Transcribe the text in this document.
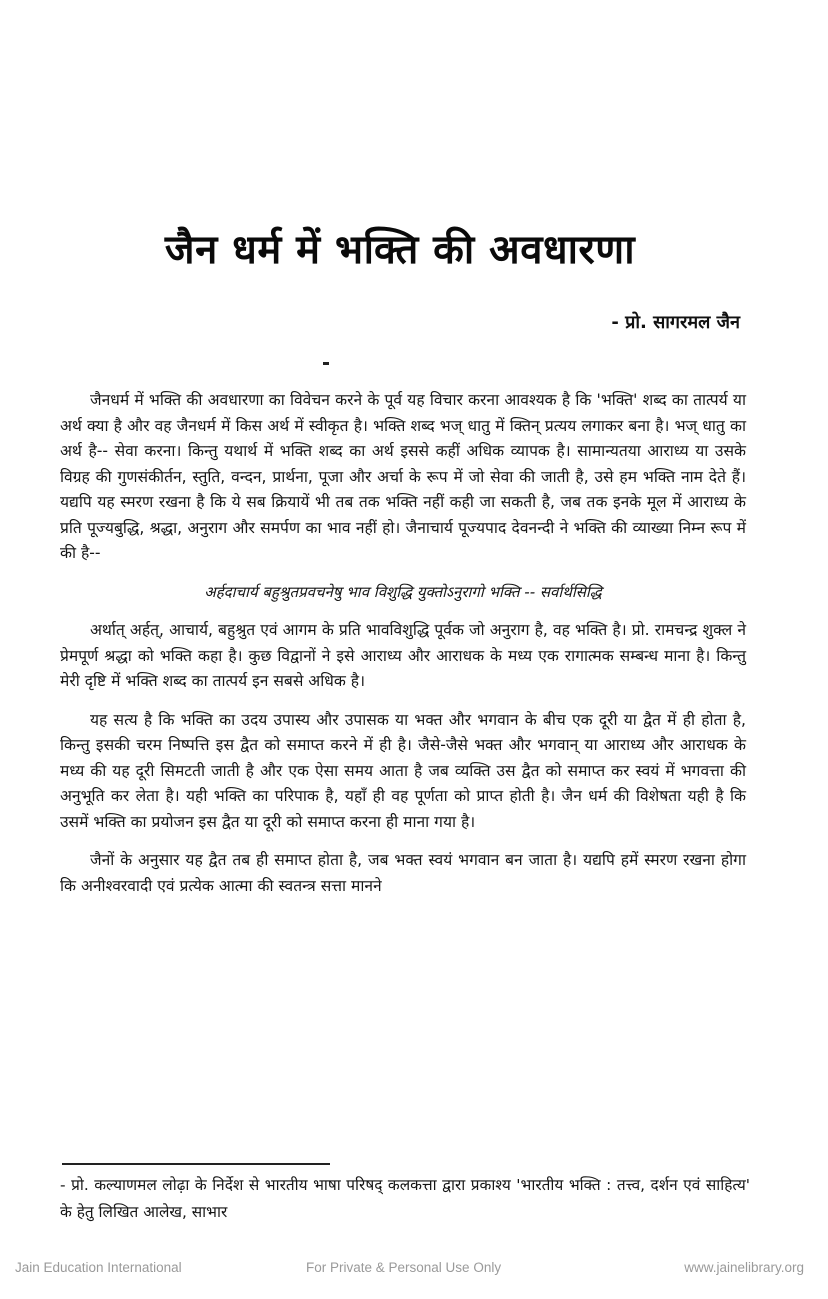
जैन धर्म में भक्ति की अवधारणा
- प्रो. सागरमल जैन

जैनधर्म में भक्ति की अवधारणा का विवेचन करने के पूर्व यह विचार करना आवश्यक है कि 'भक्ति' शब्द का तात्पर्य या अर्थ क्या है और वह जैनधर्म में किस अर्थ में स्वीकृत है। भक्ति शब्द भज् धातु में क्तिन् प्रत्यय लगाकर बना है। भज् धातु का अर्थ है-- सेवा करना। किन्तु यथार्थ में भक्ति शब्द का अर्थ इससे कहीं अधिक व्यापक है। सामान्यतया आराध्य या उसके विग्रह की गुणसंकीर्तन, स्तुति, वन्दन, प्रार्थना, पूजा और अर्चा के रूप में जो सेवा की जाती है, उसे हम भक्ति नाम देते हैं। यद्यपि यह स्मरण रखना है कि ये सब क्रियायें भी तब तक भक्ति नहीं कही जा सकती है, जब तक इनके मूल में आराध्य के प्रति पूज्यबुद्धि, श्रद्धा, अनुराग और समर्पण का भाव नहीं हो। जैनाचार्य पूज्यपाद देवनन्दी ने भक्ति की व्याख्या निम्न रूप में की है--

अर्हदाचार्य बहुश्रुतप्रवचनेषु भाव विशुद्धि युक्तोऽनुरागो भक्ति -- सर्वार्थसिद्धि

अर्थात् अर्हत्, आचार्य, बहुश्रुत एवं आगम के प्रति भावविशुद्धि पूर्वक जो अनुराग है, वह भक्ति है। प्रो. रामचन्द्र शुक्ल ने प्रेमपूर्ण श्रद्धा को भक्ति कहा है। कुछ विद्वानों ने इसे आराध्य और आराधक के मध्य एक रागात्मक सम्बन्ध माना है। किन्तु मेरी दृष्टि में भक्ति शब्द का तात्पर्य इन सबसे अधिक है।

यह सत्य है कि भक्ति का उदय उपास्य और उपासक या भक्त और भगवान के बीच एक दूरी या द्वैत में ही होता है, किन्तु इसकी चरम निष्पत्ति इस द्वैत को समाप्त करने में ही है। जैसे-जैसे भक्त और भगवान् या आराध्य और आराधक के मध्य की यह दूरी सिमटती जाती है और एक ऐसा समय आता है जब व्यक्ति उस द्वैत को समाप्त कर स्वयं में भगवत्ता की अनुभूति कर लेता है। यही भक्ति का परिपाक है, यहाँ ही वह पूर्णता को प्राप्त होती है। जैन धर्म की विशेषता यही है कि उसमें भक्ति का प्रयोजन इस द्वैत या दूरी को समाप्त करना ही माना गया है।

जैनों के अनुसार यह द्वैत तब ही समाप्त होता है, जब भक्त स्वयं भगवान बन जाता है। यद्यपि हमें स्मरण रखना होगा कि अनीश्वरवादी एवं प्रत्येक आत्मा की स्वतन्त्र सत्ता मानने

- प्रो. कल्याणमल लोढ़ा के निर्देश से भारतीय भाषा परिषद् कलकत्ता द्वारा प्रकाश्य 'भारतीय भक्ति : तत्त्व, दर्शन एवं साहित्य' के हेतु लिखित आलेख, साभार
Jain Education International	For Private & Personal Use Only	www.jainelibrary.org
